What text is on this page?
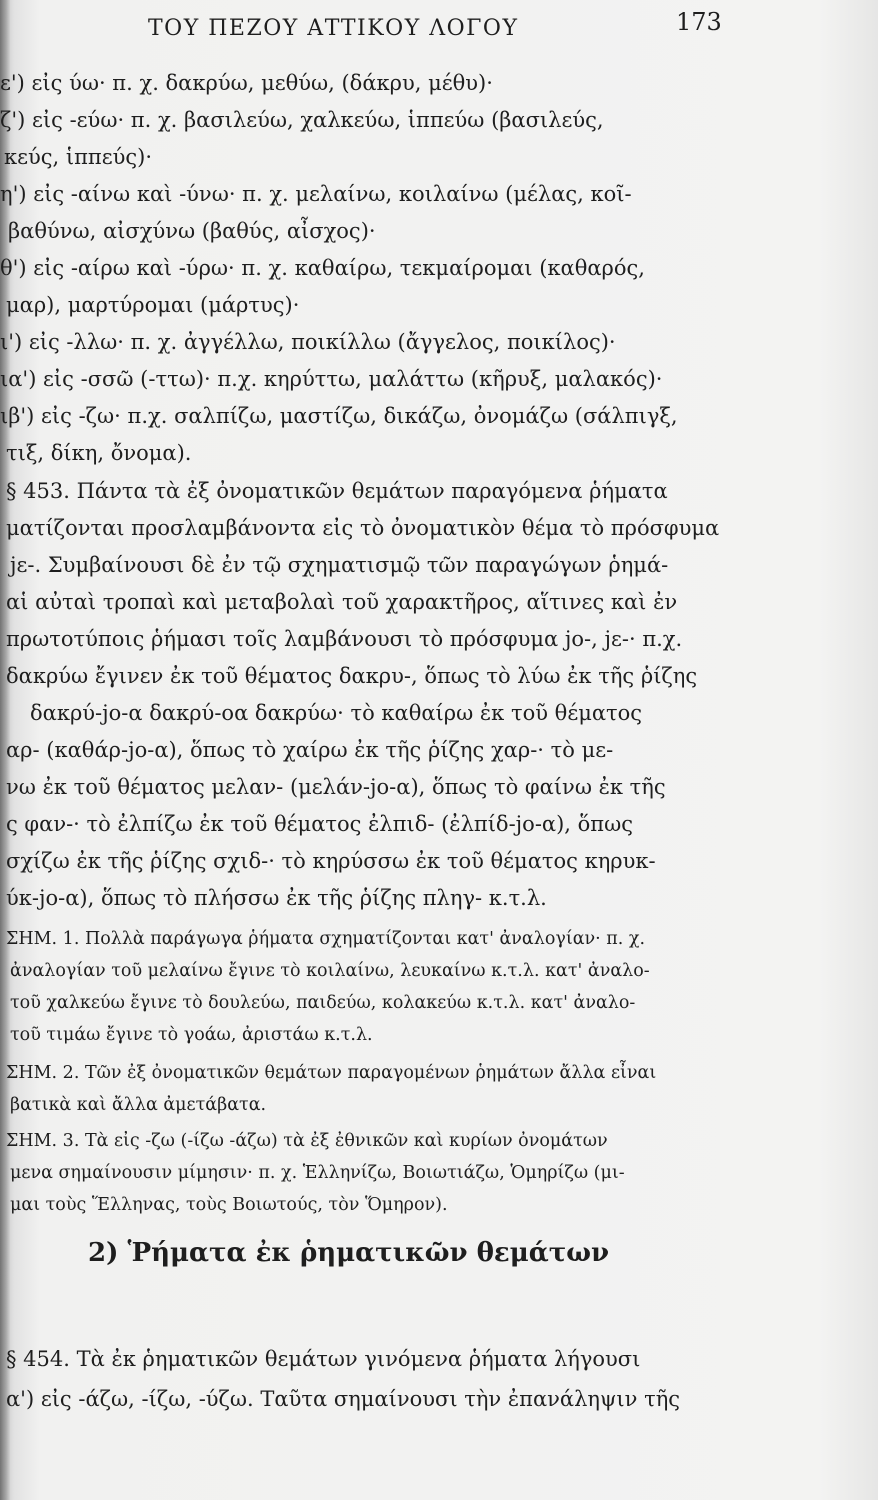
ΤΟΥ ΠΕΖΟΥ ΑΤΤΙΚΟΥ ΛΟΓΟΥ	173
ε') εἰς ύω· π. χ. δακρύω, μεθύω, (δάκρυ, μέθυ)·
ζ') εἰς -εύω· π. χ. βασιλεύω, χαλκεύω, ἱππεύω (βασιλεύς,
κεύς, ἱππεύς)·
η') εἰς -αίνω καὶ -ύνω· π. χ. μελαίνω, κοιλαίνω (μέλας, κοῖ-
βαθύνω, αἰσχύνω (βαθύς, αἶσχος)·
θ') εἰς -αίρω καὶ -ύρω· π. χ. καθαίρω, τεκμαίρομαι (καθαρός,
μαρ), μαρτύρομαι (μάρτυς)·
ι') εἰς -λλω· π. χ. ἀγγέλλω, ποικίλλω (ἄγγελος, ποικίλος)·
ια') εἰς -σσῶ (-ττω)· π.χ. κηρύττω, μαλάττω (κῆρυξ, μαλακός)·
ιβ') εἰς -ζω· π.χ. σαλπίζω, μαστίζω, δικάζω, ὀνομάζω (σάλπιγξ,
τιξ, δίκη, ὄνομα).
§ 453. Πάντα τὰ ἐξ ὀνοματικῶν θεμάτων παραγόμενα ῥήματα
ματίζονται προσλαμβάνοντα εἰς τὸ ὀνοματικὸν θέμα τὸ πρόσφυμα
jε-. Συμβαίνουσι δὲ ἐν τῷ σχηματισμῷ τῶν παραγώγων ῥημά-
αἱ αὐταὶ τροπαὶ καὶ μεταβολαὶ τοῦ χαρακτῆρος, αἵτινες καὶ ἐν
πρωτοτύποις ῥήμασι τοῖς λαμβάνουσι τὸ πρόσφυμα jο-, jε-· π.χ.
δακρύω ἔγινεν ἐκ τοῦ θέματος δακρυ-, ὅπως τὸ λύω ἐκ τῆς ῥίζης
δακρύ-jο-α δακρύ-οα δακρύω· τὸ καθαίρω ἐκ τοῦ θέματος
αρ- (καθάρ-jο-α), ὅπως τὸ χαίρω ἐκ τῆς ῥίζης χαρ-· τὸ με-
νω ἐκ τοῦ θέματος μελαν- (μελάν-jο-α), ὅπως τὸ φαίνω ἐκ τῆς
ς φαν-· τὸ ἐλπίζω ἐκ τοῦ θέματος ἐλπιδ- (ἐλπίδ-jο-α), ὅπως
σχίζω ἐκ τῆς ῥίζης σχιδ-· τὸ κηρύσσω ἐκ τοῦ θέματος κηρυκ-
ύκ-jο-α), ὅπως τὸ πλήσσω ἐκ τῆς ῥίζης πληγ- κ.τ.λ.
ΣΗΜ. 1. Πολλὰ παράγωγα ῥήματα σχηματίζονται κατ' ἀναλογίαν· π. χ.
ἀναλογίαν τοῦ μελαίνω ἔγινε τὸ κοιλαίνω, λευκαίνω κ.τ.λ. κατ' ἀναλο-
τοῦ χαλκεύω ἔγινε τὸ δουλεύω, παιδεύω, κολακεύω κ.τ.λ. κατ' ἀναλο-
τοῦ τιμάω ἔγινε τὸ γοάω, ἀριστάω κ.τ.λ.
ΣΗΜ. 2. Τῶν ἐξ ὀνοματικῶν θεμάτων παραγομένων ῥημάτων ἄλλα εἶναι
βατικὰ καὶ ἄλλα ἀμετάβατα.
ΣΗΜ. 3. Τὰ εἰς -ζω (-ίζω -άζω) τὰ ἐξ ἐθνικῶν καὶ κυρίων ὀνομάτων
μενα σημαίνουσιν μίμησιν· π. χ. Ἑλληνίζω, Βοιωτιάζω, Ὁμηρίζω (μι-
μαι τοὺς Ἕλληνας, τοὺς Βοιωτούς, τὸν Ὅμηρον).
§ 454. Τὰ ἐκ ῥηματικῶν θεμάτων γινόμενα ῥήματα λήγουσι
α') εἰς -άζω, -ίζω, -ύζω. Ταῦτα σημαίνουσι τὴν ἐπανάληψιν τῆς
2) Ῥήματα ἐκ ῥηματικῶν θεμάτων
